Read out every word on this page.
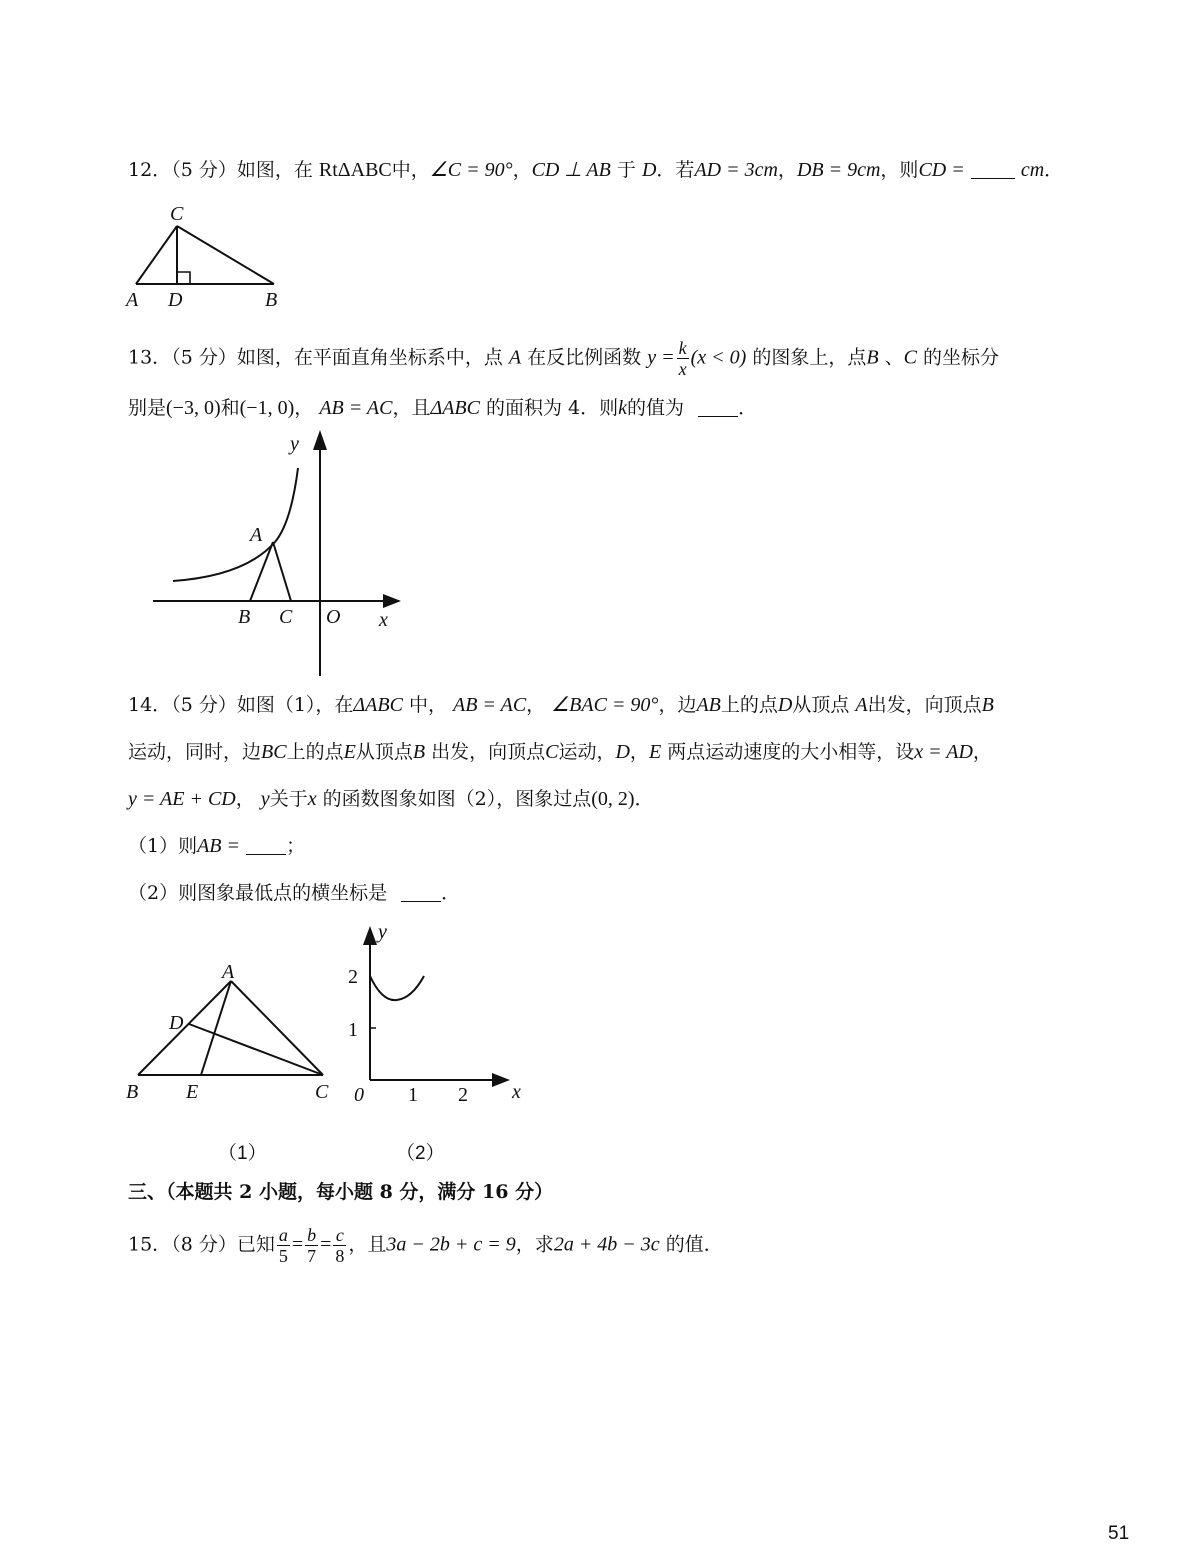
12．（5 分）如图，在 RtΔABC中，∠C = 90°，CD ⊥ AB 于 D．若AD = 3cm，DB = 9cm，则CD =	cm．
C
A D	B
13．（5 分）如图，在平面直角坐标系中，点 A 在反比例函数 $y = \frac{k}{x} (x < 0)$ 的图象上，点B 、C 的坐标分
别是(−3, 0)和(−1, 0)， AB = AC，且ΔABC 的面积为 4．则k的值为	．
y
A
B C O x
14．（5 分）如图（1），在ΔABC 中， AB = AC， ∠BAC = 90°，边AB上的点D从顶点 A出发，向顶点B
运动，同时，边BC上的点E从顶点B 出发，向顶点C运动，D，E 两点运动速度的大小相等，设x = AD，
y = AE + CD， y关于x 的函数图象如图（2），图象过点(0, 2)．
（1）则AB = ；
（2）则图象最低点的横坐标是	．
A
D
B E	C
（1）
y
2
1
0 1 2 x
（2）
三、（本题共 2 小题，每小题 8 分，满分 16 分）
15．（8 分）已知 $\frac{a}{5} = \frac{b}{7} = \frac{c}{8}$ ，且3a − 2b + c = 9，求2a + 4b − 3c 的值．
51
